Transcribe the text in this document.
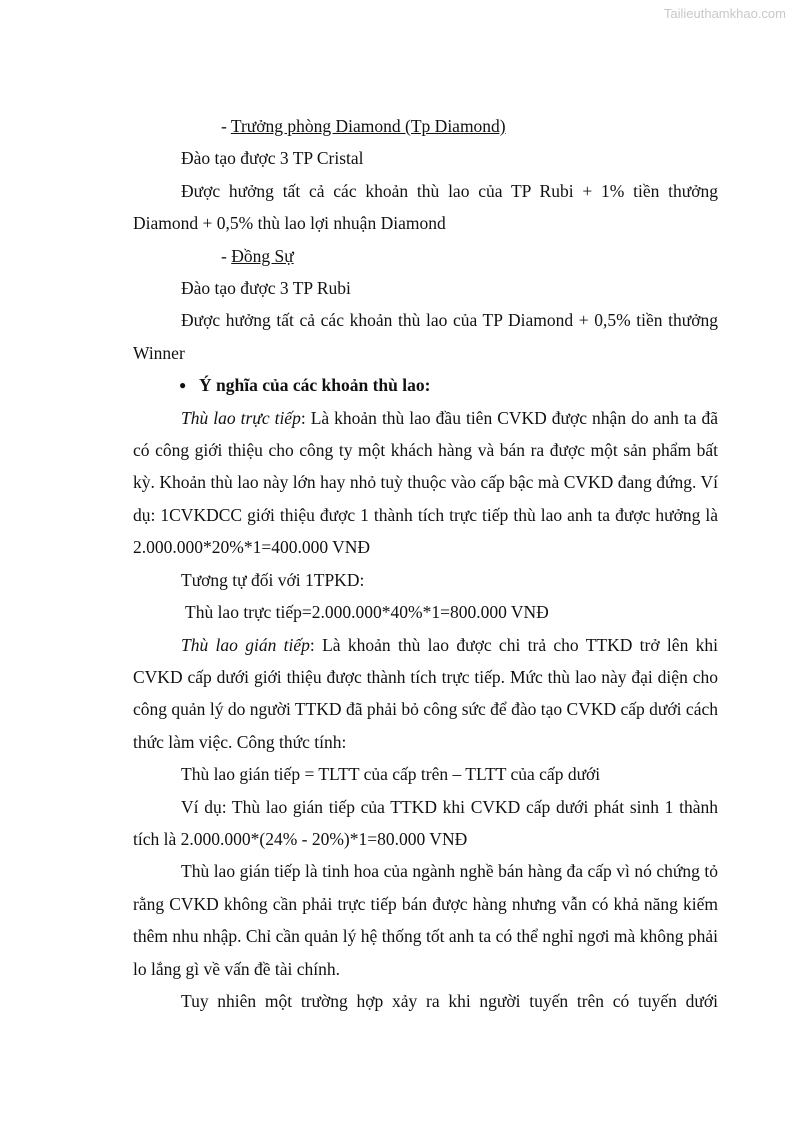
Tailieuthamkhao.com

- Trưởng phòng Diamond (Tp Diamond)

Đào tạo được 3 TP Cristal

Được hưởng tất cả các khoản thù lao của TP Rubi + 1% tiền thưởng Diamond + 0,5% thù lao lợi nhuận Diamond

- Đồng Sự

Đào tạo được 3 TP Rubi

Được hưởng tất cả các khoản thù lao của TP Diamond + 0,5% tiền thưởng Winner

● Ý nghĩa của các khoản thù lao:

Thù lao trực tiếp: Là khoản thù lao đầu tiên CVKD được nhận do anh ta đã có công giới thiệu cho công ty một khách hàng và bán ra được một sản phẩm bất kỳ. Khoản thù lao này lớn hay nhỏ tuỳ thuộc vào cấp bậc mà CVKD đang đứng. Ví dụ: 1CVKDCC giới thiệu được 1 thành tích trực tiếp thù lao anh ta được hưởng là 2.000.000*20%*1=400.000 VNĐ

Tương tự đối với 1TPKD:

Thù lao trực tiếp=2.000.000*40%*1=800.000 VNĐ

Thù lao gián tiếp: Là khoản thù lao được chi trả cho TTKD trở lên khi CVKD cấp dưới giới thiệu được thành tích trực tiếp. Mức thù lao này đại diện cho công quản lý do người TTKD đã phải bỏ công sức để đào tạo CVKD cấp dưới cách thức làm việc. Công thức tính:

Thù lao gián tiếp = TLTT của cấp trên – TLTT của cấp dưới

Ví dụ: Thù lao gián tiếp của TTKD khi CVKD cấp dưới phát sinh 1 thành tích là 2.000.000*(24% - 20%)*1=80.000 VNĐ

Thù lao gián tiếp là tinh hoa của ngành nghề bán hàng đa cấp vì nó chứng tỏ rằng CVKD không cần phải trực tiếp bán được hàng nhưng vẫn có khả năng kiếm thêm nhu nhập. Chỉ cần quản lý hệ thống tốt anh ta có thể nghỉ ngơi mà không phải lo lắng gì về vấn đề tài chính.

Tuy nhiên một trường hợp xảy ra khi người tuyến trên có tuyến dưới
